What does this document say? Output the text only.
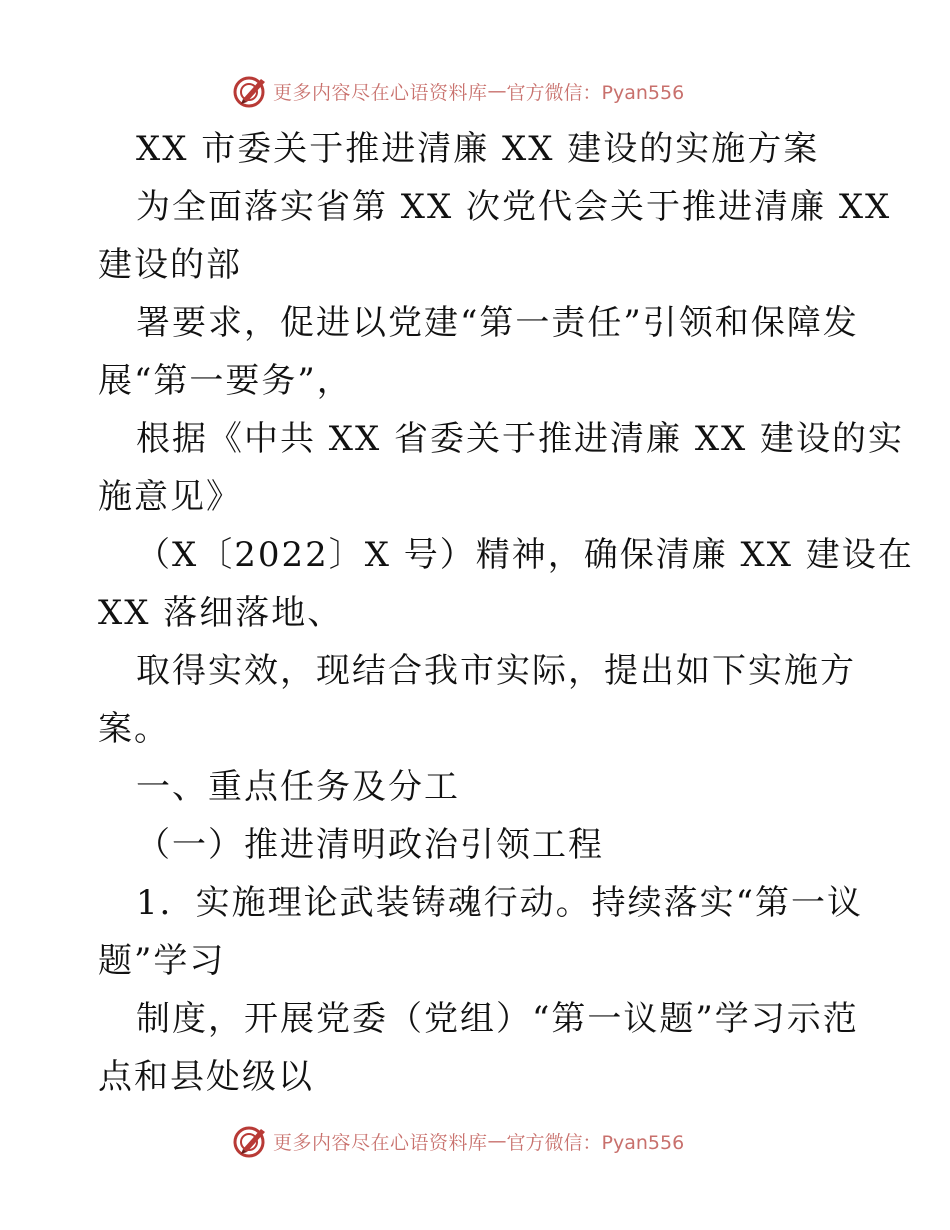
更多内容尽在心语资料库 — 官方微信：Pyan556
XX 市委关于推进清廉 XX 建设的实施方案
为全面落实省第 XX 次党代会关于推进清廉 XX
建设的部
署要求，促进以党建“第一责任”引领和保障发
展“第一要务”，
根据《中共 XX 省委关于推进清廉 XX 建设的实
施意见》
（X〔2022〕X 号）精神，确保清廉 XX 建设在
XX 落细落地、
取得实效，现结合我市实际，提出如下实施方
案。
一、重点任务及分工
（一）推进清明政治引领工程
1．实施理论武装铸魂行动。持续落实“第一议
题”学习
制度，开展党委（党组）“第一议题”学习示范
点和县处级以
更多内容尽在心语资料库 — 官方微信：Pyan556
